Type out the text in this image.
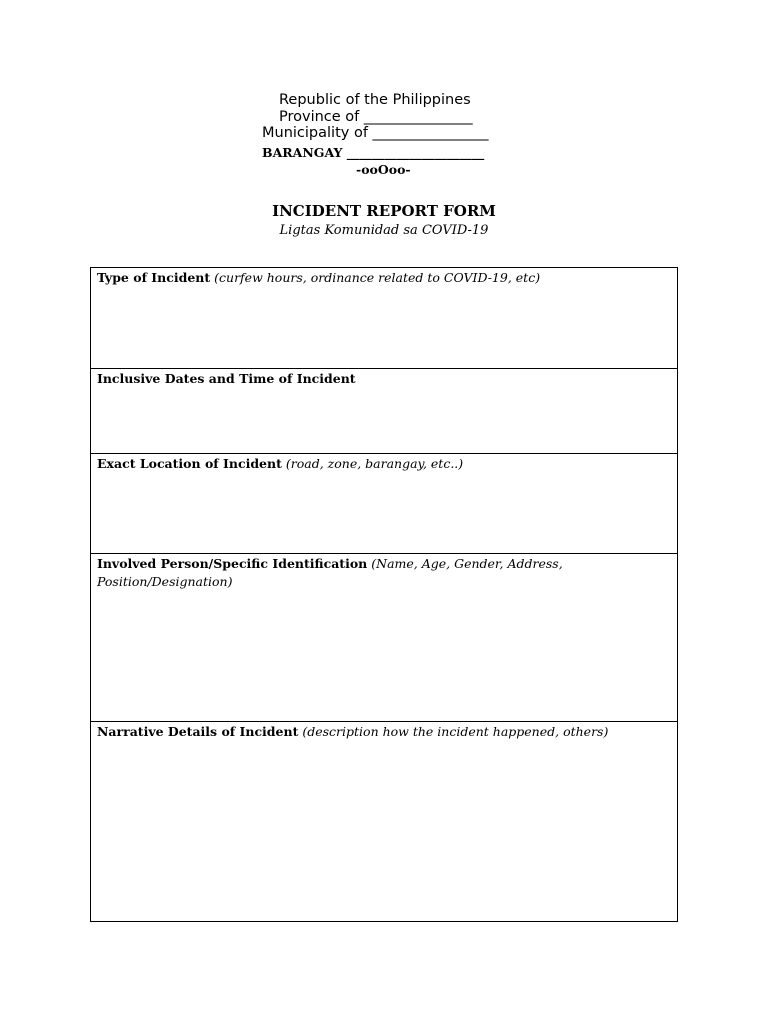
Republic of the Philippines
Province of _______________
Municipality of ________________
BARANGAY ______________________
-ooOoo-
INCIDENT REPORT FORM
Ligtas Komunidad sa COVID-19
Type of Incident (curfew hours, ordinance related to COVID-19, etc)
Inclusive Dates and Time of Incident
Exact Location of Incident (road, zone, barangay, etc..)
Involved Person/Specific Identification (Name, Age, Gender, Address, Position/Designation)
Narrative Details of Incident (description how the incident happened, others)
